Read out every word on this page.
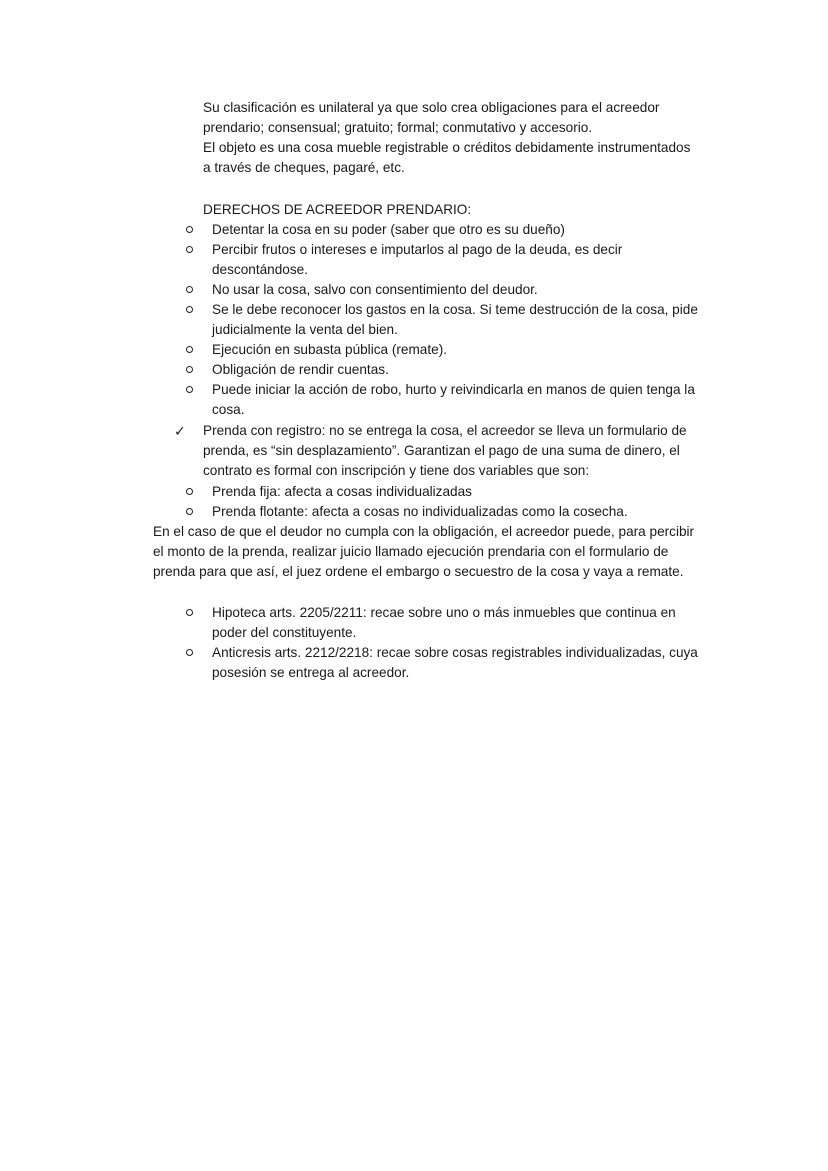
Su clasificación es unilateral ya que solo crea obligaciones para el acreedor
prendario; consensual; gratuito; formal; conmutativo y accesorio.
El objeto es una cosa mueble registrable o créditos debidamente instrumentados
a través de cheques, pagaré, etc.
DERECHOS DE ACREEDOR PRENDARIO:
Detentar la cosa en su poder (saber que otro es su dueño)
Percibir frutos o intereses e imputarlos al pago de la deuda, es decir
descontándose.
No usar la cosa, salvo con consentimiento del deudor.
Se le debe reconocer los gastos en la cosa. Si teme destrucción de la cosa, pide
judicialmente la venta del bien.
Ejecución en subasta pública (remate).
Obligación de rendir cuentas.
Puede iniciar la acción de robo, hurto y reivindicarla en manos de quien tenga la
cosa.
✓ Prenda con registro: no se entrega la cosa, el acreedor se lleva un formulario de
prenda, es “sin desplazamiento”. Garantizan el pago de una suma de dinero, el
contrato es formal con inscripción y tiene dos variables que son:
Prenda fija: afecta a cosas individualizadas
Prenda flotante: afecta a cosas no individualizadas como la cosecha.
En el caso de que el deudor no cumpla con la obligación, el acreedor puede, para percibir
el monto de la prenda, realizar juicio llamado ejecución prendaria con el formulario de
prenda para que así, el juez ordene el embargo o secuestro de la cosa y vaya a remate.
Hipoteca arts. 2205/2211: recae sobre uno o más inmuebles que continua en
poder del constituyente.
Anticresis arts. 2212/2218: recae sobre cosas registrables individualizadas, cuya
posesión se entrega al acreedor.
